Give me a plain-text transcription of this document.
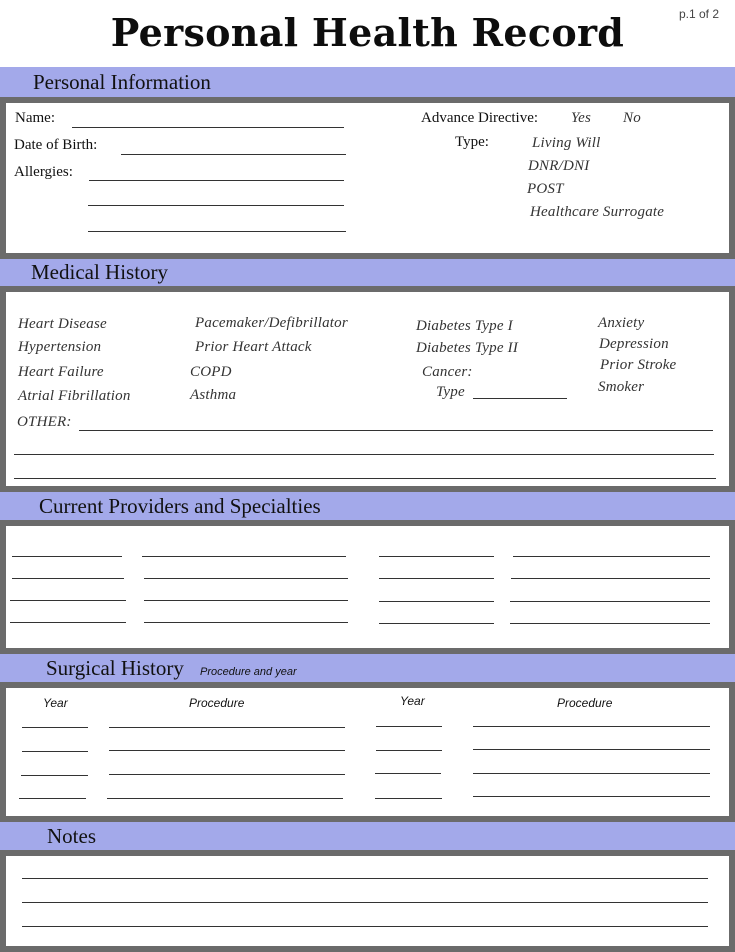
Personal Health Record	p.1 of 2
Personal Information
Name:
Date of Birth:
Allergies:
Advance Directive: Yes No
Type:	Living Will
DNR/DNI
POST
Healthcare Surrogate
Medical History
Heart Disease
Hypertension
Heart Failure
Atrial Fibrillation
Pacemaker/Defibrillator
Prior Heart Attack
COPD
Asthma
Diabetes Type I
Diabetes Type II
Cancer:
Type
Anxiety
Depression
Prior Stroke
Smoker
OTHER:
Current Providers and Specialties
Surgical History Procedure and year
Year	Procedure	Year	Procedure
Notes
